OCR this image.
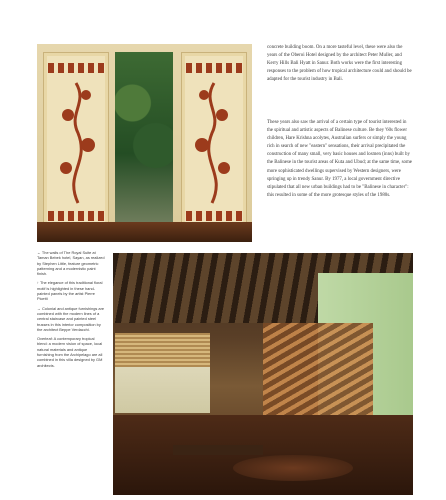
concrete building boom. On a more tasteful level, these were also the years of the Oberoi Hotel designed by the architect Peter Muller, and Kerry Hills Bali Hyatt in Sanur. Both works were the first interesting responses to the problem of how tropical architecture could and should be adapted for the tourist industry in Bali.

These years also saw the arrival of a certain type of tourist interested in the spiritual and artistic aspects of Balinese culture. Be they '60s flower children, Hare Krishna acolytes, Australian surfers or simply the young rich in search of new "eastern" sensations, their arrival precipitated the construction of many small, very basic houses and losmen (inns) built by the Balinese in the tourist areas of Kuta and Ubud; at the same time, some more sophisticated dwellings supervised by Western designers, were springing up in trendy Sanur. By 1977, a local government directive stipulated that all new urban buildings had to be "Balinese in character": this resulted in some of the more grotesque styles of the 1980s.

← The walls of The Royal Suite at Taman Bebek hotel, Sayan, as realized by Stephen Little, feature geometric patterning and a modernistic paint finish.

↑ The elegance of this traditional floral motif is highlighted in these hand-painted panels by the artist Pierre Picetti

→ Colonial and antique furnishings are combined with the modern lines of a central staircase and painted steel trusses in this interior composition by the architect Beppe Verdacchi.

Overleaf: A contemporary tropical blend: a modern vision of space, local natural materials and antique furnishing from the Archipelago are all combined in this villa designed by GM architects.
